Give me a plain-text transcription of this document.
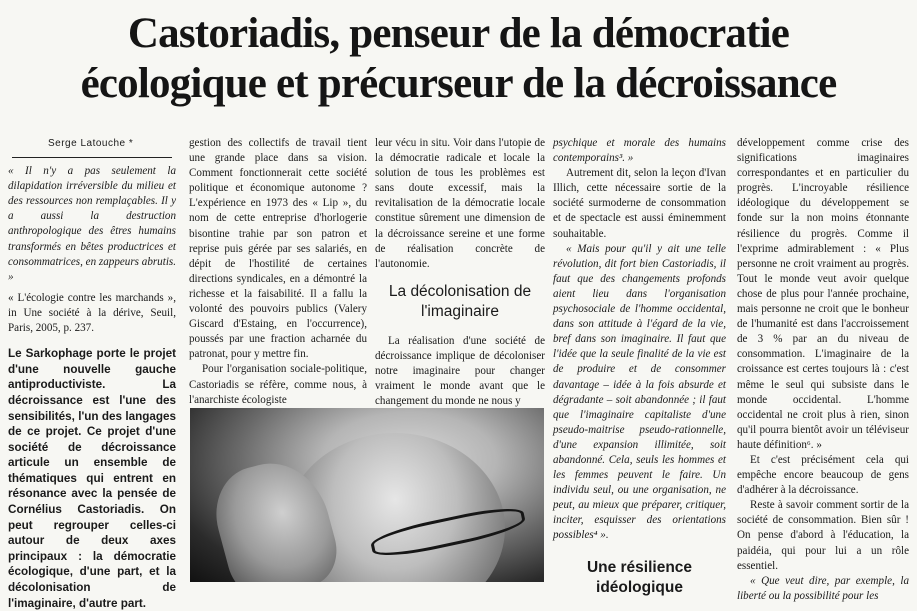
Castoriadis, penseur de la démocratie
écologique et précurseur de la décroissance

Serge Latouche *

« Il n'y a pas seulement la dilapidation irréversible du milieu et des ressources non remplaçables. Il y a aussi la destruction anthropologique des êtres humains transformés en bêtes productrices et consommatrices, en zappeurs abrutis. »

« L'écologie contre les marchands », in Une société à la dérive, Seuil, Paris, 2005, p. 237.

Le Sarkophage porte le projet d'une nouvelle gauche antiproductiviste. La décroissance est l'une des sensibilités, l'un des langages de ce projet. Ce projet d'une société de décroissance articule un ensemble de thématiques qui entrent en résonance avec la pensée de Cornélius Castoriadis. On peut regrouper celles-ci autour de deux axes principaux : la démocratie écologique, d'une part, et la décolonisation de l'imaginaire, d'autre part.

gestion des collectifs de travail tient une grande place dans sa vision. Comment fonctionnerait cette société politique et économique autonome ? L'expérience en 1973 des « Lip », du nom de cette entreprise d'horlogerie bisontine trahie par son patron et reprise puis gérée par ses salariés, en dépit de l'hostilité de certaines directions syndicales, en a démontré la richesse et la faisabilité. Il a fallu la volonté des pouvoirs publics (Valery Giscard d'Estaing, en l'occurrence), poussés par une fraction acharnée du patronat, pour y mettre fin.

Pour l'organisation sociale-politique, Castoriadis se réfère, comme nous, à l'anarchiste écologiste

leur vécu in situ. Voir dans l'utopie de la démocratie radicale et locale la solution de tous les problèmes est sans doute excessif, mais la revitalisation de la démocratie locale constitue sûrement une dimension de la décroissance sereine et une forme de réalisation concrète de l'autonomie.

La décolonisation de l'imaginaire

La réalisation d'une société de décroissance implique de décoloniser notre imaginaire pour changer vraiment le monde avant que le changement du monde ne nous y

psychique et morale des humains contemporains³. »

Autrement dit, selon la leçon d'Ivan Illich, cette nécessaire sortie de la société surmoderne de consommation et de spectacle est aussi éminemment souhaitable.

« Mais pour qu'il y ait une telle révolution, dit fort bien Castoriadis, il faut que des changements profonds aient lieu dans l'organisation psychosociale de l'homme occidental, dans son attitude à l'égard de la vie, bref dans son imaginaire. Il faut que l'idée que la seule finalité de la vie est de produire et de consommer davantage – idée à la fois absurde et dégradante – soit abandonnée ; il faut que l'imaginaire capitaliste d'une pseudo-maitrise pseudo-rationnelle, d'une expansion illimitée, soit abandonné. Cela, seuls les hommes et les femmes peuvent le faire. Un individu seul, ou une organisation, ne peut, au mieux que préparer, critiquer, inciter, esquisser des orientations possibles⁴ ».

Une résilience idéologique

développement comme crise des significations imaginaires correspondantes et en particulier du progrès. L'incroyable résilience idéologique du développement se fonde sur la non moins étonnante résilience du progrès. Comme il l'exprime admirablement : « Plus personne ne croit vraiment au progrès. Tout le monde veut avoir quelque chose de plus pour l'année prochaine, mais personne ne croit que le bonheur de l'humanité est dans l'accroissement de 3 % par an du niveau de consommation. L'imaginaire de la croissance est certes toujours là : c'est même le seul qui subsiste dans le monde occidental. L'homme occidental ne croit plus à rien, sinon qu'il pourra bientôt avoir un téléviseur haute définition⁶. »

Et c'est précisément cela qui empêche encore beaucoup de gens d'adhérer à la décroissance.

Reste à savoir comment sortir de la société de consommation. Bien sûr ! On pense d'abord à l'éducation, la paidéia, qui pour lui a un rôle essentiel.

« Que veut dire, par exemple, la liberté ou la possibilité pour les
